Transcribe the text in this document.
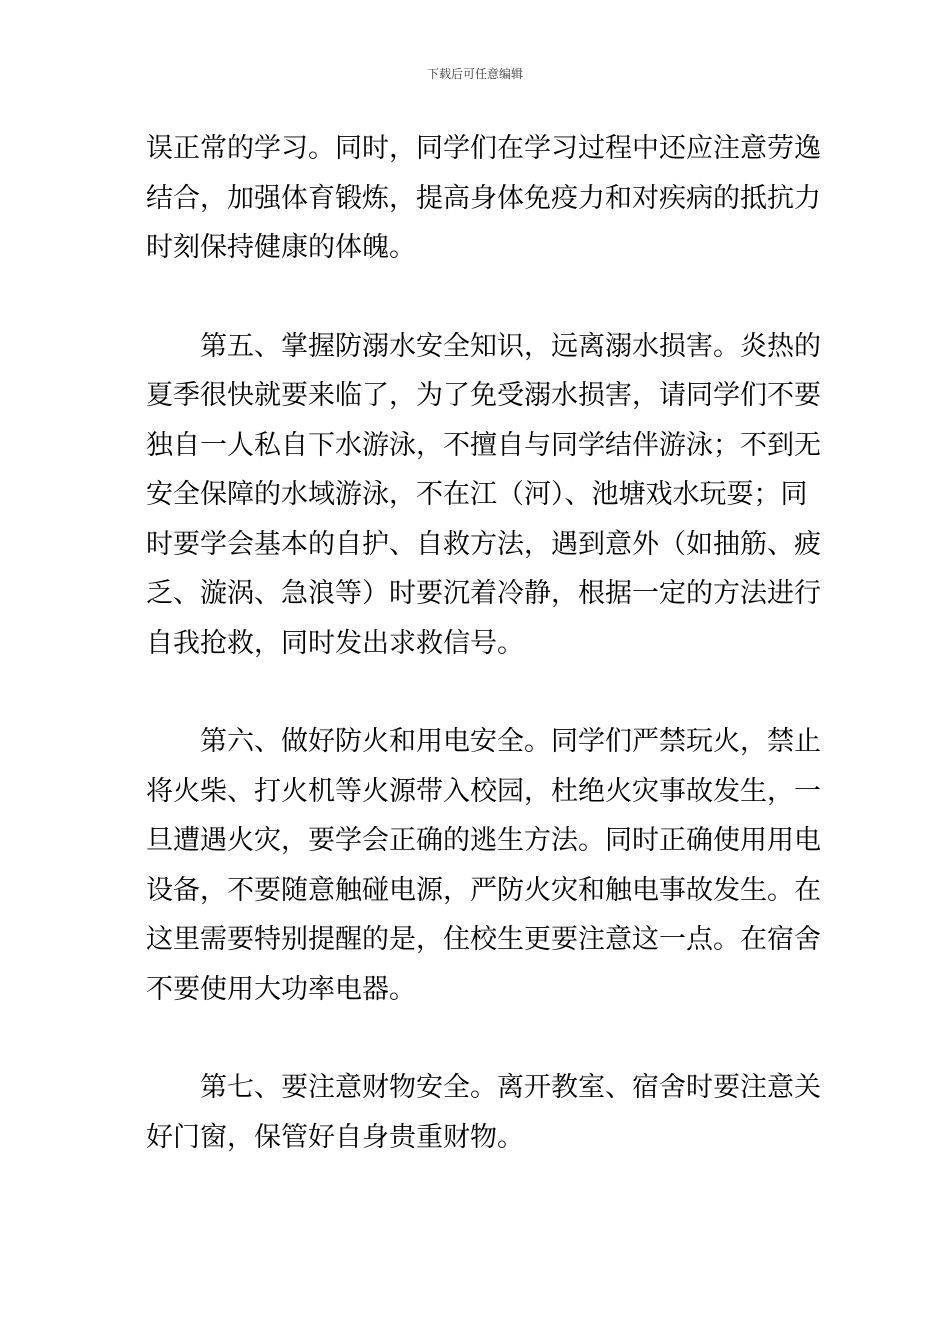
下载后可任意编辑
误正常的学习。同时，同学们在学习过程中还应注意劳逸
结合，加强体育锻炼，提高身体免疫力和对疾病的抵抗力
时刻保持健康的体魄。
第五、掌握防溺水安全知识，远离溺水损害。炎热的
夏季很快就要来临了，为了免受溺水损害，请同学们不要
独自一人私自下水游泳，不擅自与同学结伴游泳；不到无
安全保障的水域游泳，不在江（河）、池塘戏水玩耍；同
时要学会基本的自护、自救方法，遇到意外（如抽筋、疲
乏、漩涡、急浪等）时要沉着冷静，根据一定的方法进行
自我抢救，同时发出求救信号。
第六、做好防火和用电安全。同学们严禁玩火，禁止
将火柴、打火机等火源带入校园，杜绝火灾事故发生，一
旦遭遇火灾，要学会正确的逃生方法。同时正确使用用电
设备，不要随意触碰电源，严防火灾和触电事故发生。在
这里需要特别提醒的是，住校生更要注意这一点。在宿舍
不要使用大功率电器。
第七、要注意财物安全。离开教室、宿舍时要注意关
好门窗，保管好自身贵重财物。
